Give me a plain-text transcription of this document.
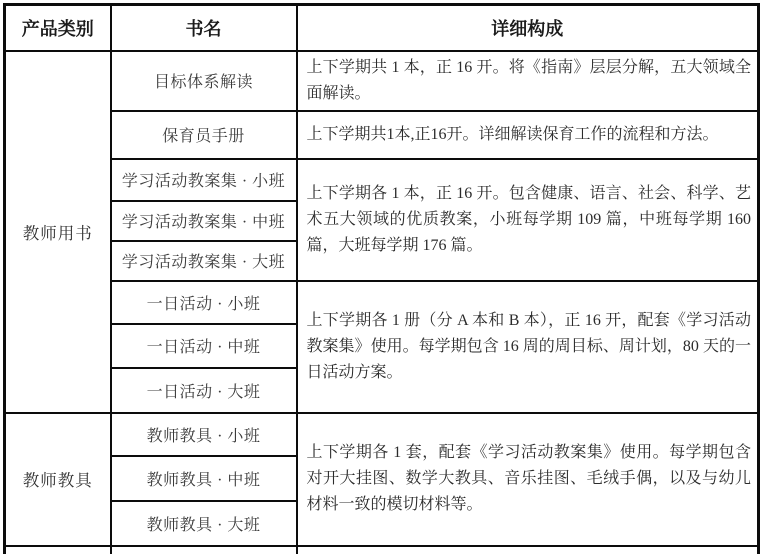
产品类别	书名	详细构成
教师用书	目标体系解读	上下学期共 1 本，正 16 开。将《指南》层层分解，五大领域全面解读。
	保育员手册	上下学期共1本,正16开。详细解读保育工作的流程和方法。
	学习活动教案集 · 小班	上下学期各 1 本，正 16 开。包含健康、语言、社会、科学、艺术五大领域的优质教案，小班每学期 109 篇，中班每学期 160 篇，大班每学期 176 篇。
	学习活动教案集 · 中班	
	学习活动教案集 · 大班	
	一日活动 · 小班	上下学期各 1 册（分 A 本和 B 本），正 16 开，配套《学习活动教案集》使用。每学期包含 16 周的周目标、周计划，80 天的一日活动方案。
	一日活动 · 中班	
	一日活动 · 大班	
教师教具	教师教具 · 小班	上下学期各 1 套，配套《学习活动教案集》使用。每学期包含对开大挂图、数学大教具、音乐挂图、毛绒手偶，以及与幼儿材料一致的模切材料等。
	教师教具 · 中班	
	教师教具 · 大班	
